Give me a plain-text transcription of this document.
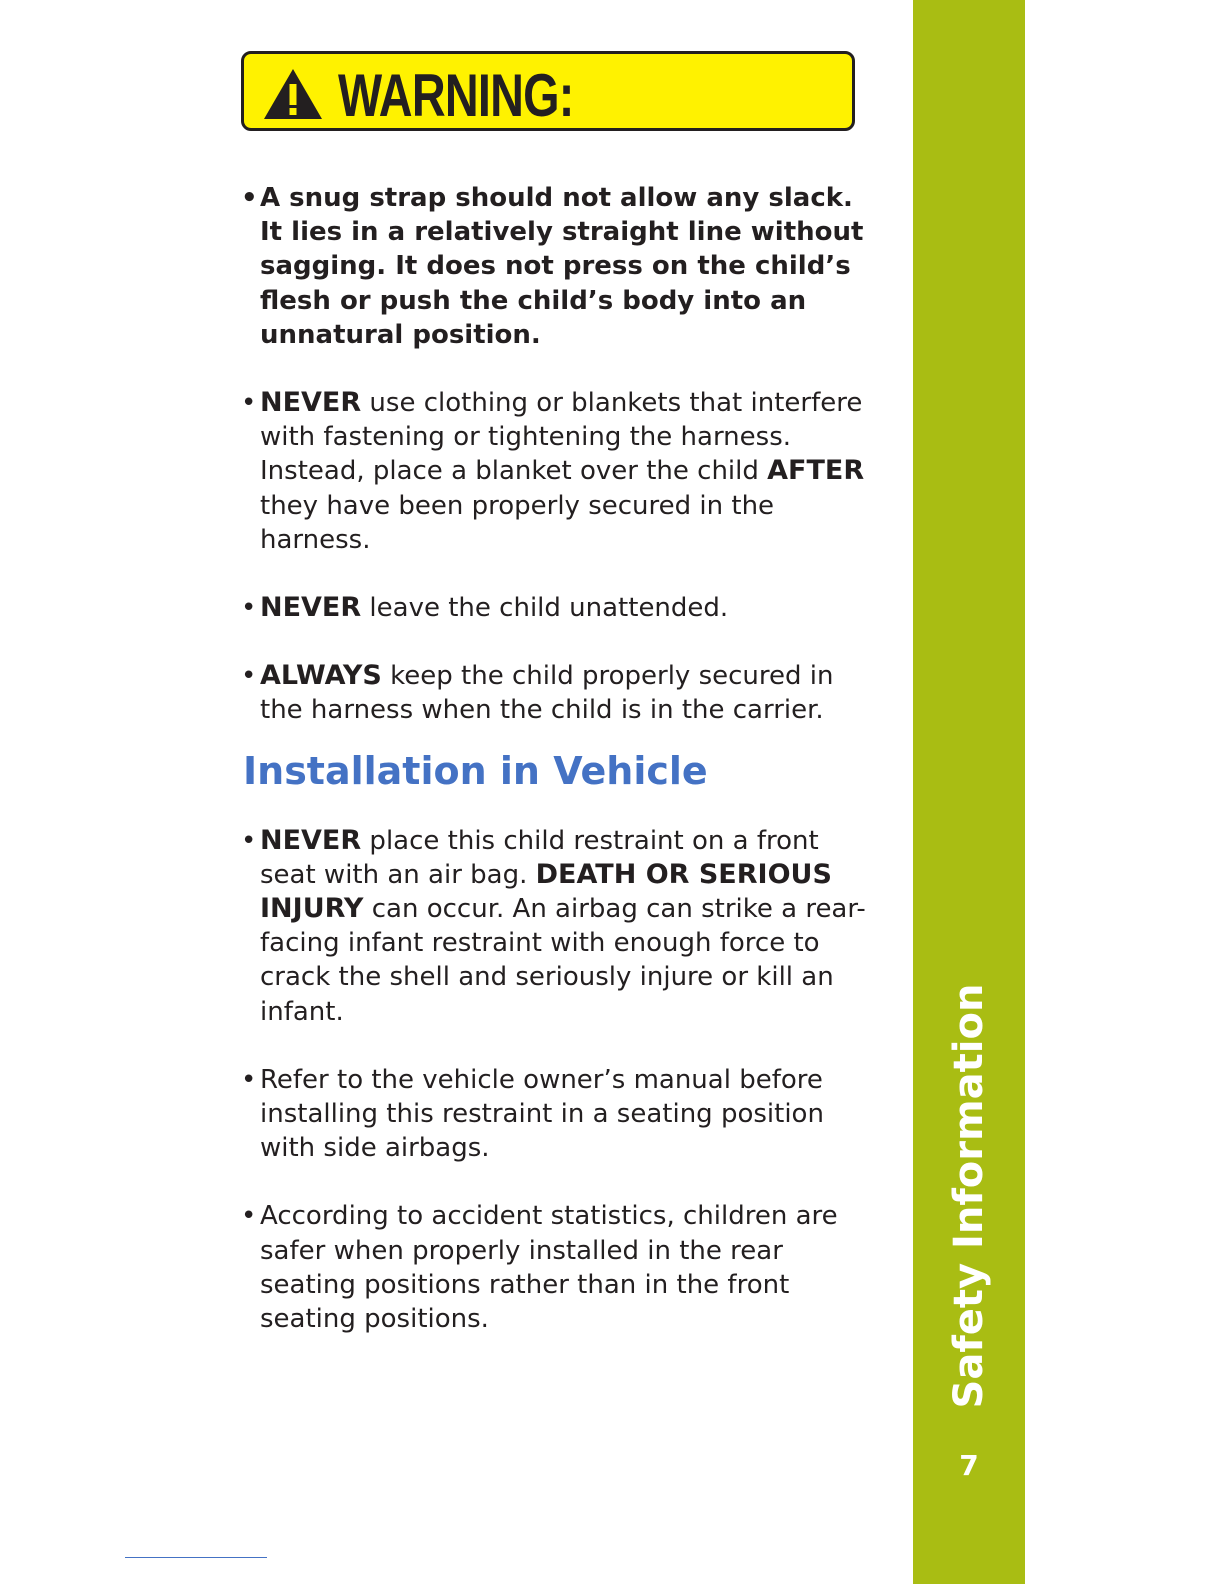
WARNING:
• A snug strap should not allow any slack. It lies in a relatively straight line without sagging. It does not press on the child’s flesh or push the child’s body into an unnatural position.
• NEVER use clothing or blankets that interfere with fastening or tightening the harness. Instead, place a blanket over the child AFTER they have been properly secured in the harness.
• NEVER leave the child unattended.
• ALWAYS keep the child properly secured in the harness when the child is in the carrier.
Installation in Vehicle
• NEVER place this child restraint on a front seat with an air bag. DEATH OR SERIOUS INJURY can occur. An airbag can strike a rear-facing infant restraint with enough force to crack the shell and seriously injure or kill an infant.
• Refer to the vehicle owner’s manual before installing this restraint in a seating position with side airbags.
• According to accident statistics, children are safer when properly installed in the rear seating positions rather than in the front seating positions.	Safety Information
7
